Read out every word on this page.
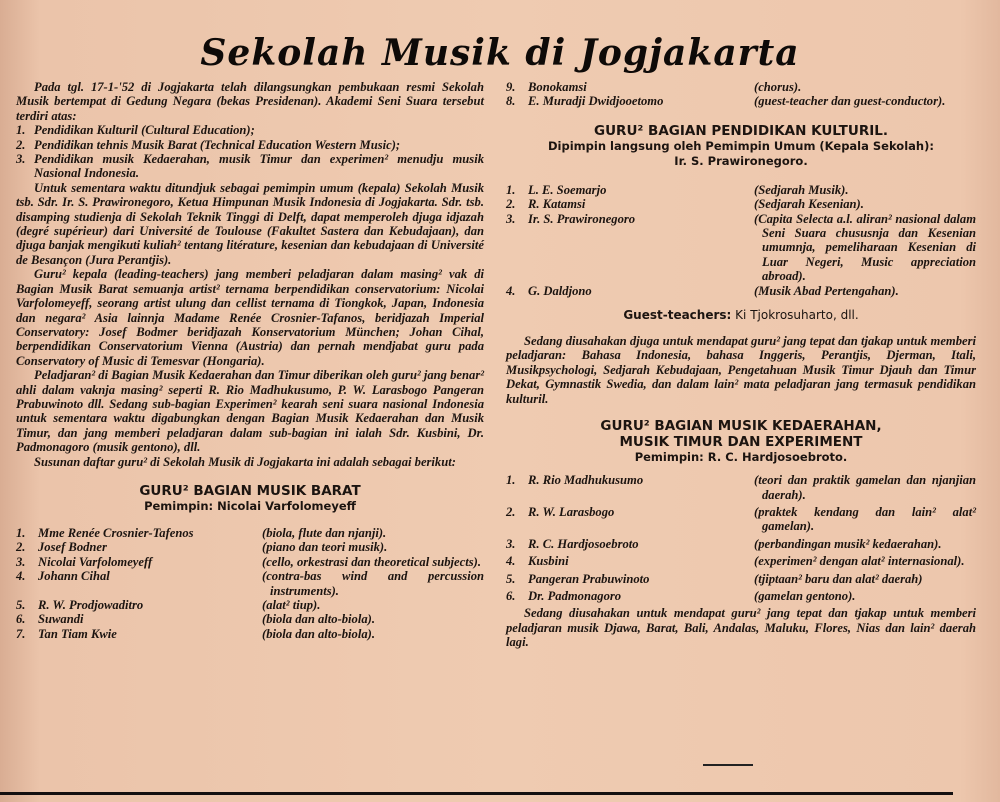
Sekolah Musik di Jogjakarta

Pada tgl. 17-1-'52 di Jogjakarta telah dilangsungkan pembukaan resmi Sekolah Musik bertempat di Gedung Negara (bekas Presidenan). Akademi Seni Suara tersebut terdiri atas:

1. Pendidikan Kulturil (Cultural Education);
2. Pendidikan tehnis Musik Barat (Technical Education Western Music);
3. Pendidikan musik Kedaerahan, musik Timur dan experimen² menudju musik Nasional Indonesia.

Untuk sementara waktu ditundjuk sebagai pemimpin umum (kepala) Sekolah Musik tsb. Sdr. Ir. S. Prawironegoro, Ketua Himpunan Musik Indonesia di Jogjakarta. Sdr. tsb. disamping studienja di Sekolah Teknik Tinggi di Delft, dapat memperoleh djuga idjazah (degré supérieur) dari Université de Toulouse (Fakultet Sastera dan Kebudajaan), dan djuga banjak mengikuti kuliah² tentang litérature, kesenian dan kebudajaan di Université de Besançon (Jura Perantjis).

Guru² kepala (leading-teachers) jang memberi peladjaran dalam masing² vak di Bagian Musik Barat semuanja artist² ternama berpendidikan conservatorium: Nicolai Varfolomeyeff, seorang artist ulung dan cellist ternama di Tiongkok, Japan, Indonesia dan negara² Asia lainnja Madame Renée Crosnier-Tafanos, beridjazah Imperial Conservatory: Josef Bodmer beridjazah Konservatorium München; Johan Cihal, berpendidikan Conservatorium Vienna (Austria) dan pernah mendjabat guru pada Conservatory of Music di Temesvar (Hongaria).

Peladjaran² di Bagian Musik Kedaerahan dan Timur diberikan oleh guru² jang benar² ahli dalam vaknja masing² seperti R. Rio Madhukusumo, P. W. Larasbogo Pangeran Prabuwinoto dll. Sedang sub-bagian Experimen² kearah seni suara nasional Indonesia untuk sementara waktu digabungkan dengan Bagian Musik Kedaerahan dan Musik Timur, dan jang memberi peladjaran dalam sub-bagian ini ialah Sdr. Kusbini, Dr. Padmonagoro (musik gentono), dll.

Susunan daftar guru² di Sekolah Musik di Jogjakarta ini adalah sebagai berikut:

GURU² BAGIAN MUSIK BARAT

Pemimpin: Nicolai Varfolomeyeff

1. Mme Renée Crosnier-Tafenos	(biola, flute dan njanji).
2. Josef Bodner	(piano dan teori musik).
3. Nicolai Varfolomeyeff	(cello, orkestrasi dan theoretical subjects).
4. Johann Cihal	(contra-bas wind and percussion instruments).
5. R. W. Prodjowaditro	(alat² tiup).
6. Suwandi	(biola dan alto-biola).
7. Tan Tiam Kwie	(biola dan alto-biola).
9. Bonokamsi	(chorus).
8. E. Muradji Dwidjooetomo	(guest-teacher dan guest-conductor).

GURU² BAGIAN PENDIDIKAN KULTURIL.

Dipimpin langsung oleh Pemimpin Umum (Kepala Sekolah):

Ir. S. Prawironegoro.

1. L. E. Soemarjo	(Sedjarah Musik).
2. R. Katamsi	(Sedjarah Kesenian).
3. Ir. S. Prawironegoro	(Capita Selecta a.l. aliran² nasional dalam Seni Suara chususnja dan Kesenian umumnja, pemeliharaan Kesenian di Luar Negeri, Music appreciation abroad).
4. G. Daldjono	(Musik Abad Pertengahan).

Guest-teachers: Ki Tjokrosuharto, dll.

Sedang diusahakan djuga untuk mendapat guru² jang tepat dan tjakap untuk memberi peladjaran: Bahasa Indonesia, bahasa Inggeris, Perantjis, Djerman, Itali, Musikpsychologi, Sedjarah Kebudajaan, Pengetahuan Musik Timur Djauh dan Timur Dekat, Gymnastik Swedia, dan dalam lain² mata peladjaran jang termasuk pendidikan kulturil.

GURU² BAGIAN MUSIK KEDAERAHAN,

MUSIK TIMUR DAN EXPERIMENT

Pemimpin: R. C. Hardjosoebroto.

1. R. Rio Madhukusumo	(teori dan praktik gamelan dan njanjian daerah).
2. R. W. Larasbogo	(praktek kendang dan lain² alat² gamelan).
3. R. C. Hardjosoebroto	(perbandingan musik² kedaerahan).
4. Kusbini	(experimen² dengan alat² internasional).
5. Pangeran Prabuwinoto	(tjiptaan² baru dan alat² daerah)
6. Dr. Padmonagoro	(gamelan gentono).

Sedang diusahakan untuk mendapat guru² jang tepat dan tjakap untuk memberi peladjaran musik Djawa, Barat, Bali, Andalas, Maluku, Flores, Nias dan lain² daerah lagi.
